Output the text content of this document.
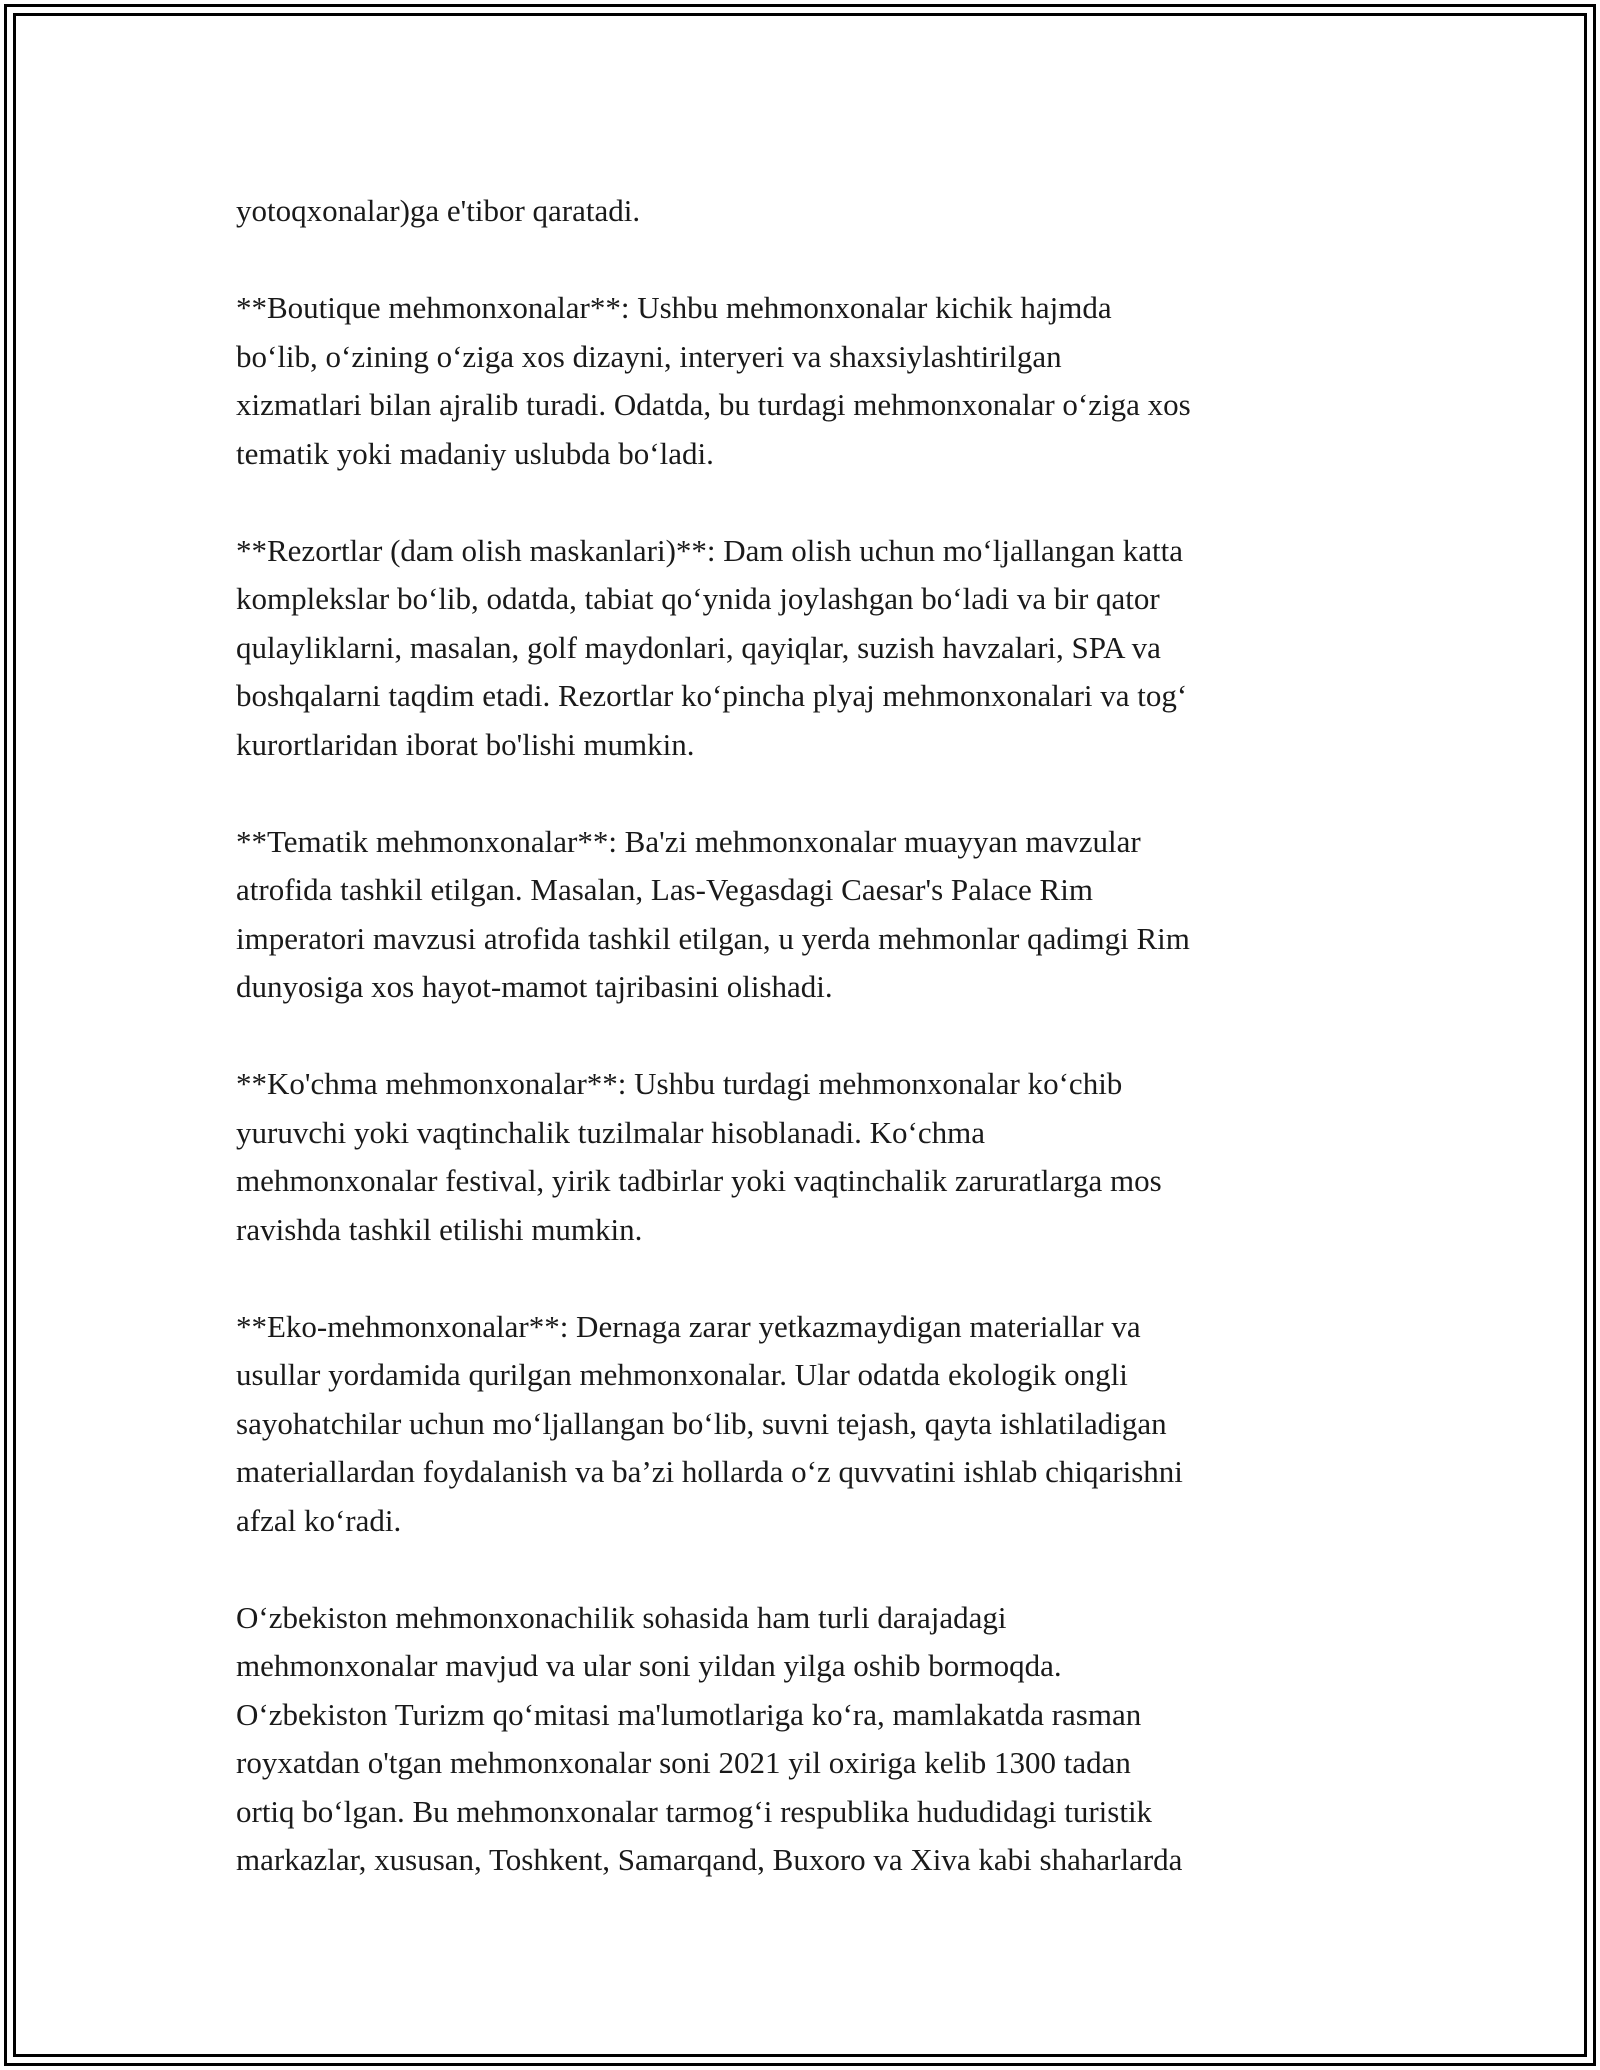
yotoqxonalar)ga e'tibor qaratadi.

**Boutique mehmonxonalar**: Ushbu mehmonxonalar kichik hajmda
bo‘lib, o‘zining o‘ziga xos dizayni, interyeri va shaxsiylashtirilgan
xizmatlari bilan ajralib turadi. Odatda, bu turdagi mehmonxonalar o‘ziga xos
tematik yoki madaniy uslubda bo‘ladi.

**Rezortlar (dam olish maskanlari)**: Dam olish uchun mo‘ljallangan katta
komplekslar bo‘lib, odatda, tabiat qo‘ynida joylashgan bo‘ladi va bir qator
qulayliklarni, masalan, golf maydonlari, qayiqlar, suzish havzalari, SPA va
boshqalarni taqdim etadi. Rezortlar ko‘pincha plyaj mehmonxonalari va tog‘
kurortlaridan iborat bo'lishi mumkin.

**Tematik mehmonxonalar**: Ba'zi mehmonxonalar muayyan mavzular
atrofida tashkil etilgan. Masalan, Las-Vegasdagi Caesar's Palace Rim
imperatori mavzusi atrofida tashkil etilgan, u yerda mehmonlar qadimgi Rim
dunyosiga xos hayot-mamot tajribasini olishadi.

**Ko'chma mehmonxonalar**: Ushbu turdagi mehmonxonalar ko‘chib
yuruvchi yoki vaqtinchalik tuzilmalar hisoblanadi. Ko‘chma
mehmonxonalar festival, yirik tadbirlar yoki vaqtinchalik zaruratlarga mos
ravishda tashkil etilishi mumkin.

**Eko-mehmonxonalar**: Dernaga zarar yetkazmaydigan materiallar va
usullar yordamida qurilgan mehmonxonalar. Ular odatda ekologik ongli
sayohatchilar uchun mo‘ljallangan bo‘lib, suvni tejash, qayta ishlatiladigan
materiallardan foydalanish va ba’zi hollarda o‘z quvvatini ishlab chiqarishni
afzal ko‘radi.

O‘zbekiston mehmonxonachilik sohasida ham turli darajadagi
mehmonxonalar mavjud va ular soni yildan yilga oshib bormoqda.
O‘zbekiston Turizm qo‘mitasi ma'lumotlariga ko‘ra, mamlakatda rasman
royxatdan o'tgan mehmonxonalar soni 2021 yil oxiriga kelib 1300 tadan
ortiq bo‘lgan. Bu mehmonxonalar tarmog‘i respublika hududidagi turistik
markazlar, xususan, Toshkent, Samarqand, Buxoro va Xiva kabi shaharlarda
